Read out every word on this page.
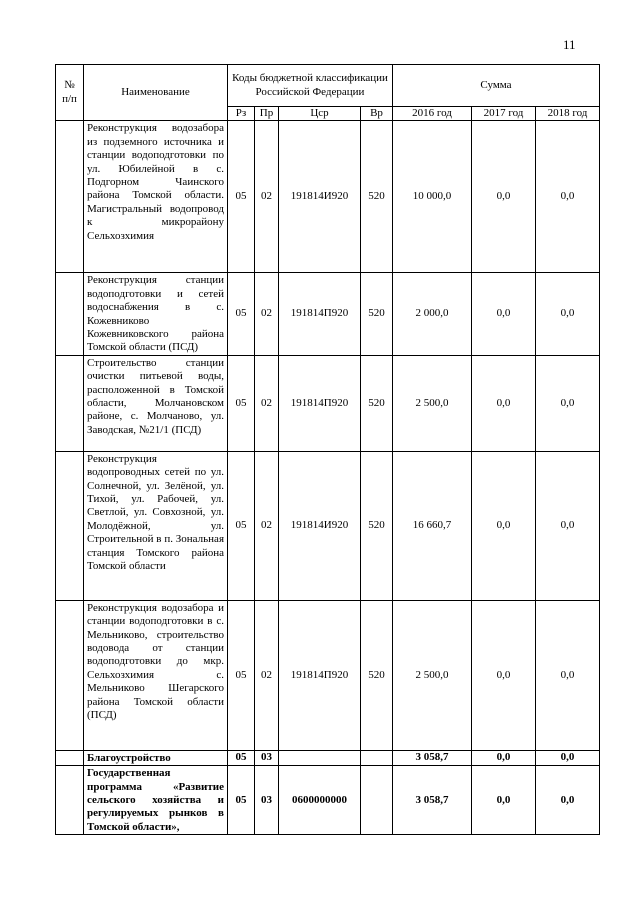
11
№ п/п	Наименование	Коды бюджетной классификации Российской Федерации				Сумма		
		Рз	Пр	Цср	Вр	2016 год	2017 год	2018 год
	Реконструкция водозабора из подземного источника и станции водоподготовки по ул. Юбилейной в с. Подгорном Чаинского района Томской области. Магистральный водопровод к микрорайону Сельхозхимия	05	02	191814И920	520	10 000,0	0,0	0,0
	Реконструкция станции водоподготовки и сетей водоснабжения в с. Кожевниково Кожевниковского района Томской области (ПСД)	05	02	191814П920	520	2 000,0	0,0	0,0
	Строительство станции очистки питьевой воды, расположенной в Томской области, Молчановском районе, с. Молчаново, ул. Заводская, №21/1 (ПСД)	05	02	191814П920	520	2 500,0	0,0	0,0
	Реконструкция водопроводных сетей по ул. Солнечной, ул. Зелёной, ул. Тихой, ул. Рабочей, ул. Светлой, ул. Совхозной, ул. Молодёжной, ул. Строительной в п. Зональная станция Томского района Томской области	05	02	191814И920	520	16 660,7	0,0	0,0
	Реконструкция водозабора и станции водоподготовки в с. Мельниково, строительство водовода от станции водоподготовки до мкр. Сельхозхимия с. Мельниково Шегарского района Томской области (ПСД)	05	02	191814П920	520	2 500,0	0,0	0,0
	Благоустройство	05	03			3 058,7	0,0	0,0
	Государственная программа «Развитие сельского хозяйства и регулируемых рынков в Томской области»,	05	03	0600000000		3 058,7	0,0	0,0
